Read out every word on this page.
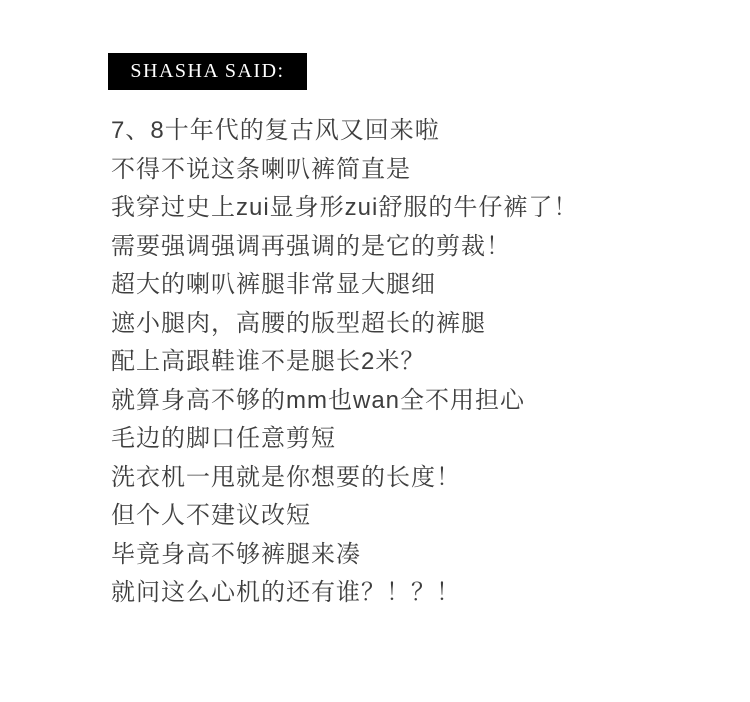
SHASHA SAID:

7、8十年代的复古风又回来啦

不得不说这条喇叭裤简直是

我穿过史上zui显身形zui舒服的牛仔裤了！

需要强调强调再强调的是它的剪裁！

超大的喇叭裤腿非常显大腿细

遮小腿肉，高腰的版型超长的裤腿

配上高跟鞋谁不是腿长2米？

就算身高不够的mm也wan全不用担心

毛边的脚口任意剪短

洗衣机一甩就是你想要的长度！

但个人不建议改短

毕竟身高不够裤腿来凑

就问这么心机的还有谁？！？！
